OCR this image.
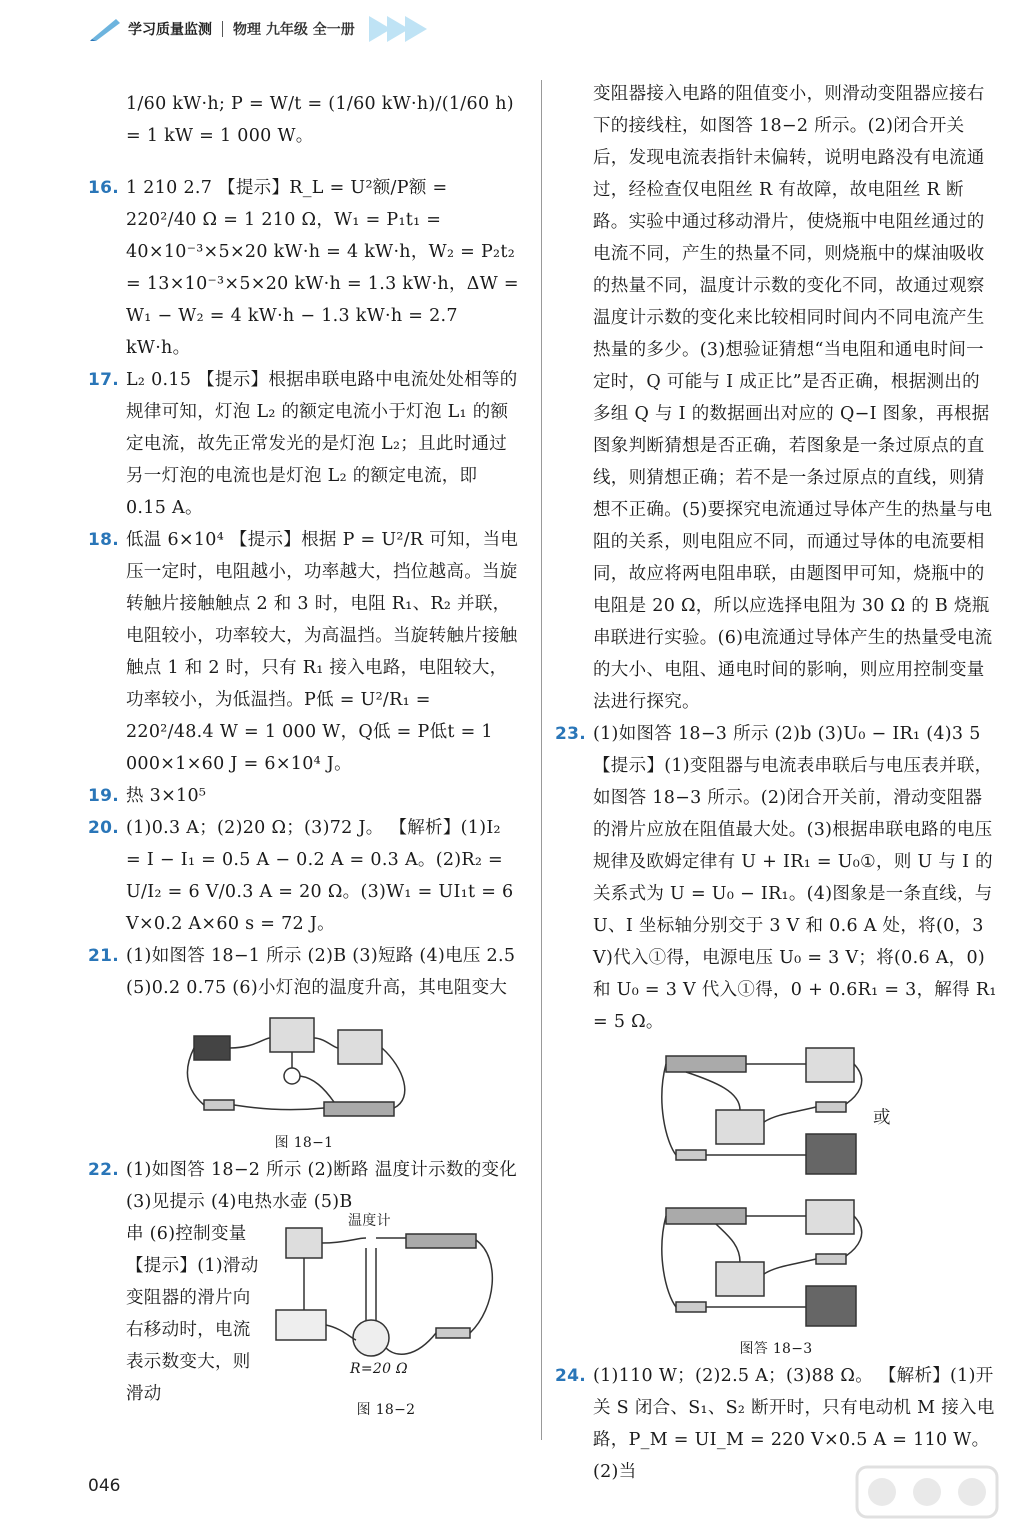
学习质量监测 物理 九年级 全一册
1/60 kW·h; P = W/t = (1/60 kW·h)/(1/60 h) = 1 kW = 1 000 W。
16. 1 210 2.7 【提示】R_L = U²额/P额 = 220²/40 Ω = 1 210 Ω，W₁ = P₁t₁ = 40×10⁻³×5×20 kW·h = 4 kW·h，W₂ = P₂t₂ = 13×10⁻³×5×20 kW·h = 1.3 kW·h，ΔW = W₁ − W₂ = 4 kW·h − 1.3 kW·h = 2.7 kW·h。
17. L₂ 0.15 【提示】根据串联电路中电流处处相等的规律可知，灯泡 L₂ 的额定电流小于灯泡 L₁ 的额定电流，故先正常发光的是灯泡 L₂；且此时通过另一灯泡的电流也是灯泡 L₂ 的额定电流，即 0.15 A。
18. 低温 6×10⁴ 【提示】根据 P = U²/R 可知，当电压一定时，电阻越小，功率越大，挡位越高。当旋转触片接触触点 2 和 3 时，电阻 R₁、R₂ 并联，电阻较小，功率较大，为高温挡。当旋转触片接触触点 1 和 2 时，只有 R₁ 接入电路，电阻较大，功率较小，为低温挡。P低 = U²/R₁ = 220²/48.4 W = 1 000 W，Q低 = P低t = 1 000×1×60 J = 6×10⁴ J。
19. 热 3×10⁵
20. (1)0.3 A；(2)20 Ω；(3)72 J。 【解析】(1)I₂ = I − I₁ = 0.5 A − 0.2 A = 0.3 A。(2)R₂ = U/I₂ = 6 V/0.3 A = 20 Ω。(3)W₁ = UI₁t = 6 V×0.2 A×60 s = 72 J。
21. (1)如图答 18−1 所示 (2)B (3)短路 (4)电压 2.5 (5)0.2 0.75 (6)小灯泡的温度升高，其电阻变大
图 18−1
22. (1)如图答 18−2 所示 (2)断路 温度计示数的变化 (3)见提示 (4)电热水壶 (5)B
串 (6)控制变量 【提示】(1)滑动变阻器的滑片向右移动时，电流表示数变大，则滑动
温度计
R=20 Ω
图 18−2
变阻器接入电路的阻值变小，则滑动变阻器应接右下的接线柱，如图答 18−2 所示。(2)闭合开关后，发现电流表指针未偏转，说明电路没有电流通过，经检查仅电阻丝 R 有故障，故电阻丝 R 断路。实验中通过移动滑片，使烧瓶中电阻丝通过的电流不同，产生的热量不同，则烧瓶中的煤油吸收的热量不同，温度计示数的变化不同，故通过观察温度计示数的变化来比较相同时间内不同电流产生热量的多少。(3)想验证猜想“当电阻和通电时间一定时，Q 可能与 I 成正比”是否正确，根据测出的多组 Q 与 I 的数据画出对应的 Q−I 图象，再根据图象判断猜想是否正确，若图象是一条过原点的直线，则猜想正确；若不是一条过原点的直线，则猜想不正确。(5)要探究电流通过导体产生的热量与电阻的关系，则电阻应不同，而通过导体的电流要相同，故应将两电阻串联，由题图甲可知，烧瓶中的电阻是 20 Ω，所以应选择电阻为 30 Ω 的 B 烧瓶串联进行实验。(6)电流通过导体产生的热量受电流的大小、电阻、通电时间的影响，则应用控制变量法进行探究。
23. (1)如图答 18−3 所示 (2)b (3)U₀ − IR₁ (4)3 5 【提示】(1)变阻器与电流表串联后与电压表并联，如图答 18−3 所示。(2)闭合开关前，滑动变阻器的滑片应放在阻值最大处。(3)根据串联电路的电压规律及欧姆定律有 U + IR₁ = U₀①，则 U 与 I 的关系式为 U = U₀ − IR₁。(4)图象是一条直线，与 U、I 坐标轴分别交于 3 V 和 0.6 A 处，将(0，3 V)代入①得，电源电压 U₀ = 3 V；将(0.6 A，0)和 U₀ = 3 V 代入①得，0 + 0.6R₁ = 3，解得 R₁ = 5 Ω。
或
图答 18−3
24. (1)110 W；(2)2.5 A；(3)88 Ω。 【解析】(1)开关 S 闭合、S₁、S₂ 断开时，只有电动机 M 接入电路，P_M = UI_M = 220 V×0.5 A = 110 W。(2)当
046
